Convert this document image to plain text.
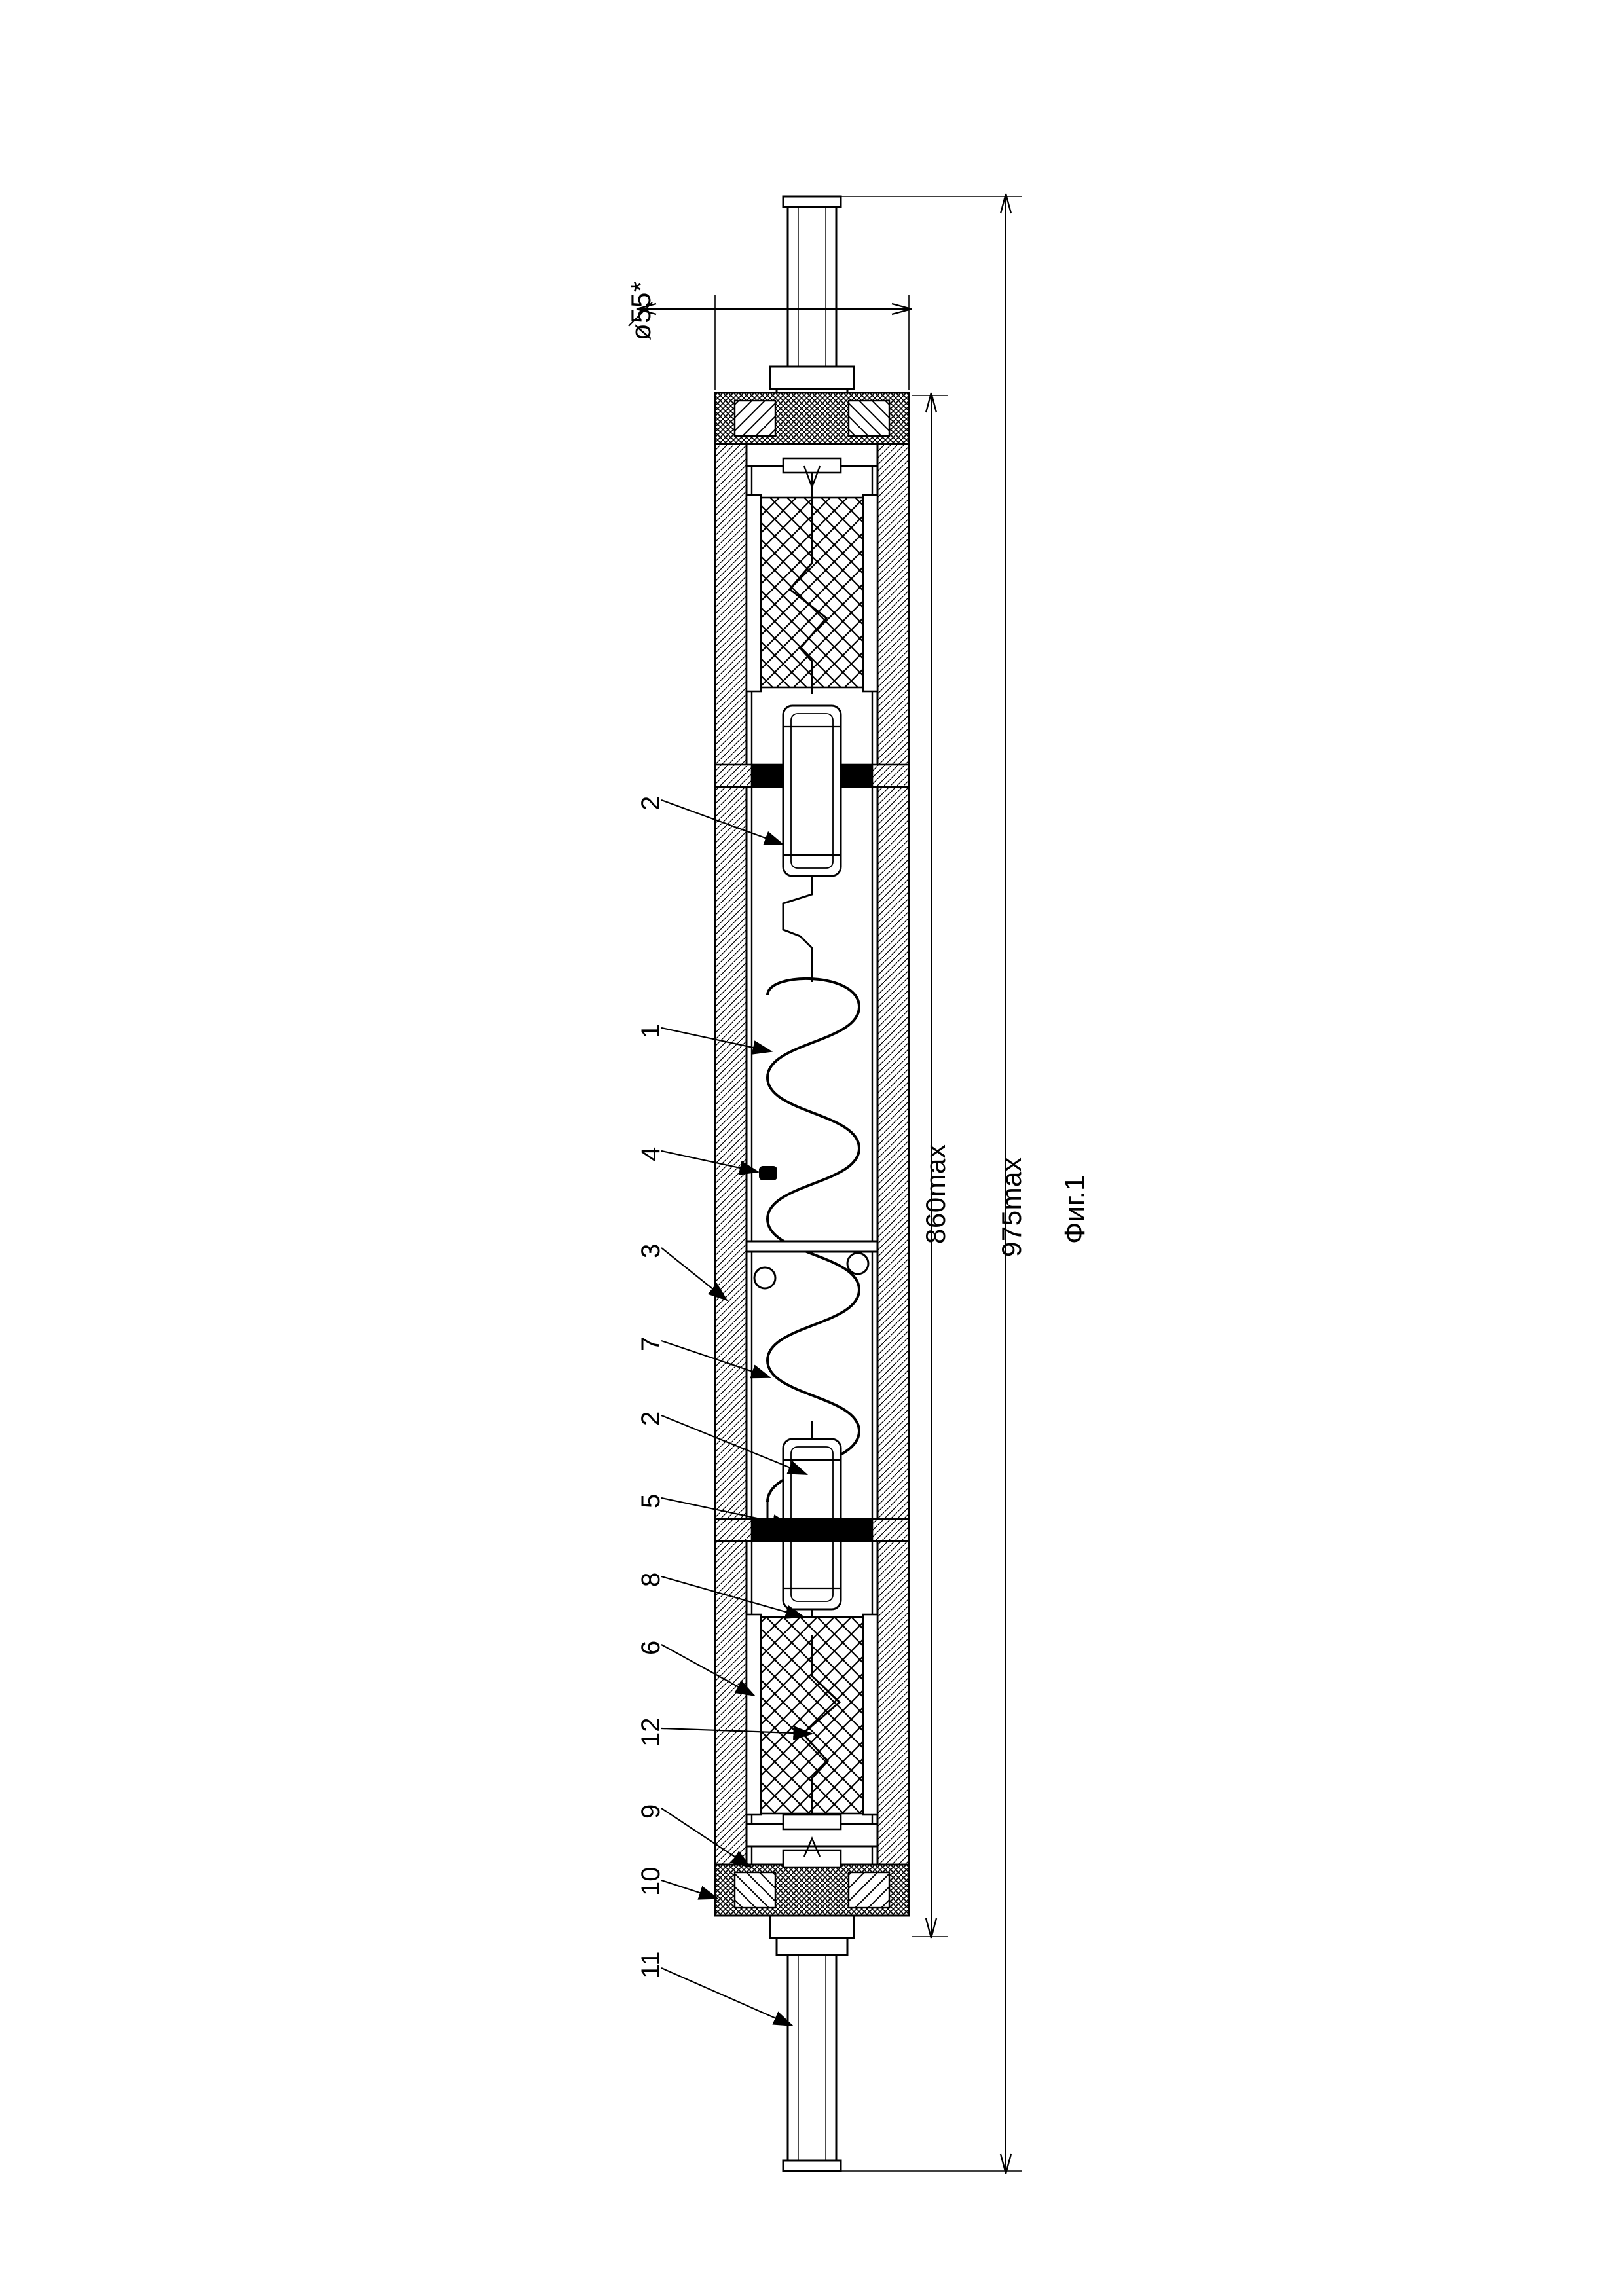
860max 975max
ø55*
Фиг.1
2
1
4
3
7
2
5
8
6
12
9
10
11
